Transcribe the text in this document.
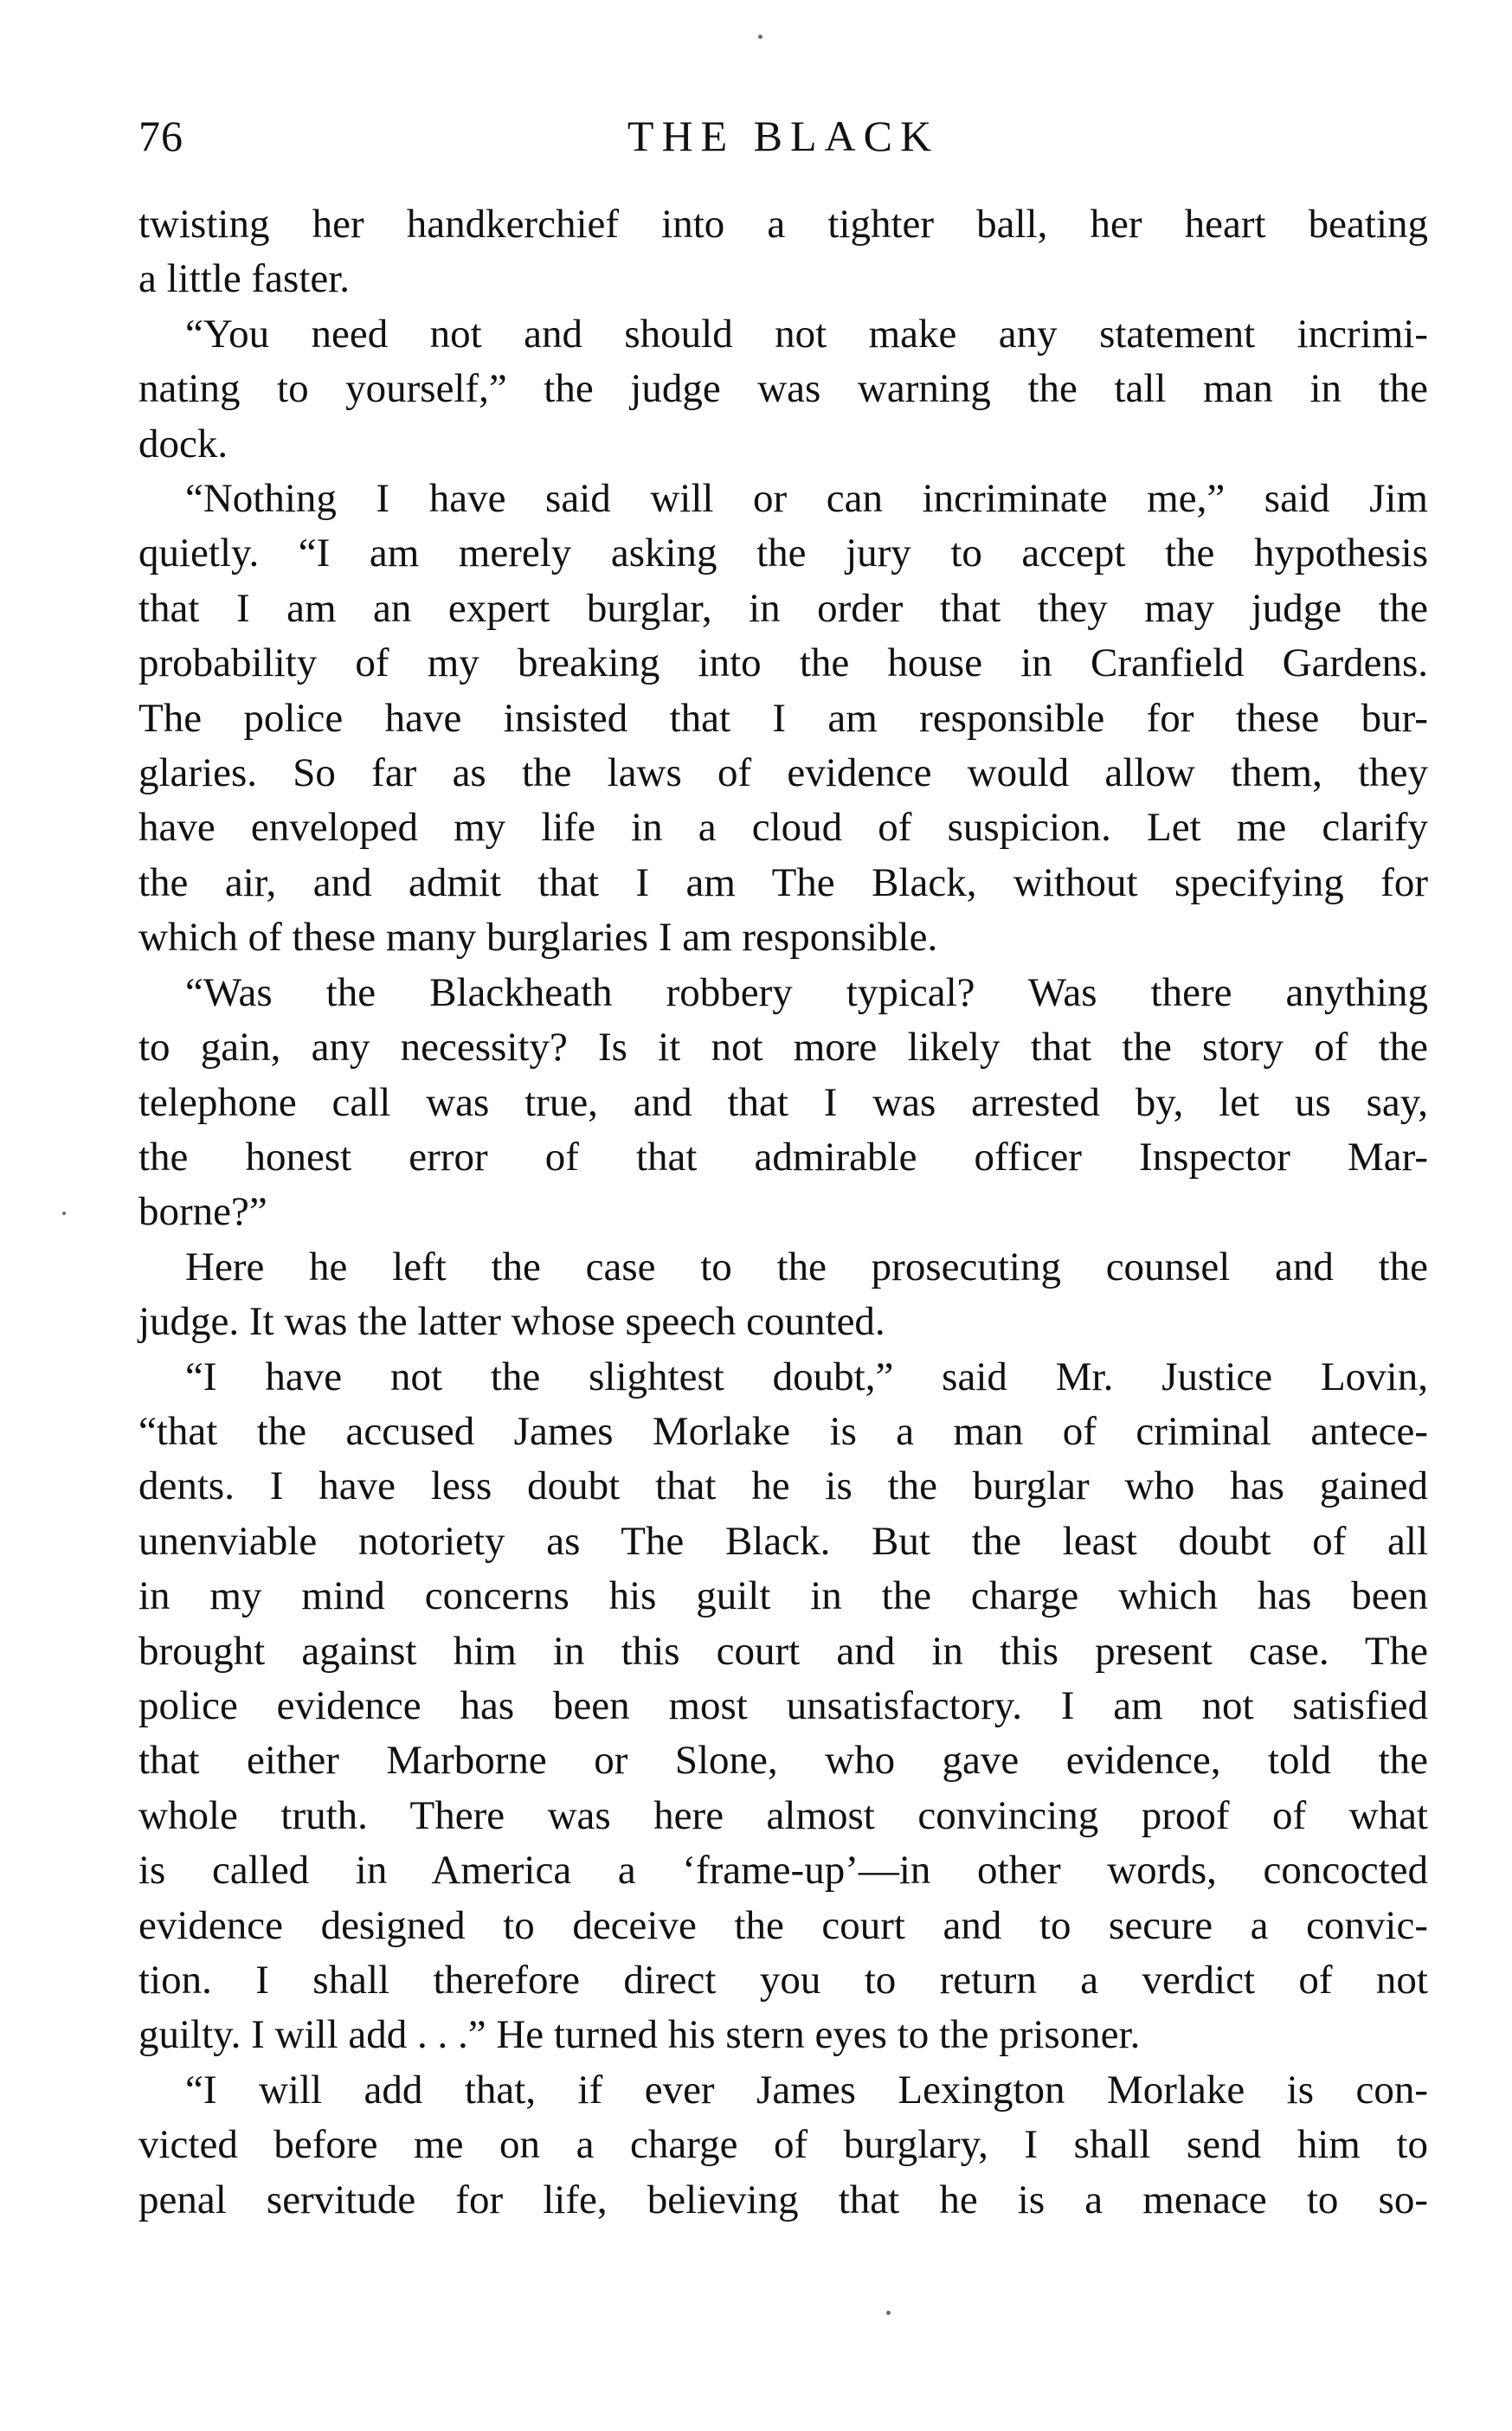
76	THE BLACK

twisting her handkerchief into a tighter ball, her heart beating
a little faster.

“You need not and should not make any statement incrimi-
nating to yourself,” the judge was warning the tall man in the
dock.

“Nothing I have said will or can incriminate me,” said Jim
quietly. “I am merely asking the jury to accept the hypothesis
that I am an expert burglar, in order that they may judge the
probability of my breaking into the house in Cranfield Gardens.
The police have insisted that I am responsible for these bur-
glaries. So far as the laws of evidence would allow them, they
have enveloped my life in a cloud of suspicion. Let me clarify
the air, and admit that I am The Black, without specifying for
which of these many burglaries I am responsible.

“Was the Blackheath robbery typical? Was there anything
to gain, any necessity? Is it not more likely that the story of the
telephone call was true, and that I was arrested by, let us say,
the honest error of that admirable officer Inspector Mar-
borne?”

Here he left the case to the prosecuting counsel and the
judge. It was the latter whose speech counted.

“I have not the slightest doubt,” said Mr. Justice Lovin,
“that the accused James Morlake is a man of criminal antece-
dents. I have less doubt that he is the burglar who has gained
unenviable notoriety as The Black. But the least doubt of all
in my mind concerns his guilt in the charge which has been
brought against him in this court and in this present case. The
police evidence has been most unsatisfactory. I am not satisfied
that either Marborne or Slone, who gave evidence, told the
whole truth. There was here almost convincing proof of what
is called in America a ‘frame-up’—in other words, concocted
evidence designed to deceive the court and to secure a convic-
tion. I shall therefore direct you to return a verdict of not
guilty. I will add . . .” He turned his stern eyes to the prisoner.

“I will add that, if ever James Lexington Morlake is con-
victed before me on a charge of burglary, I shall send him to
penal servitude for life, believing that he is a menace to so-
